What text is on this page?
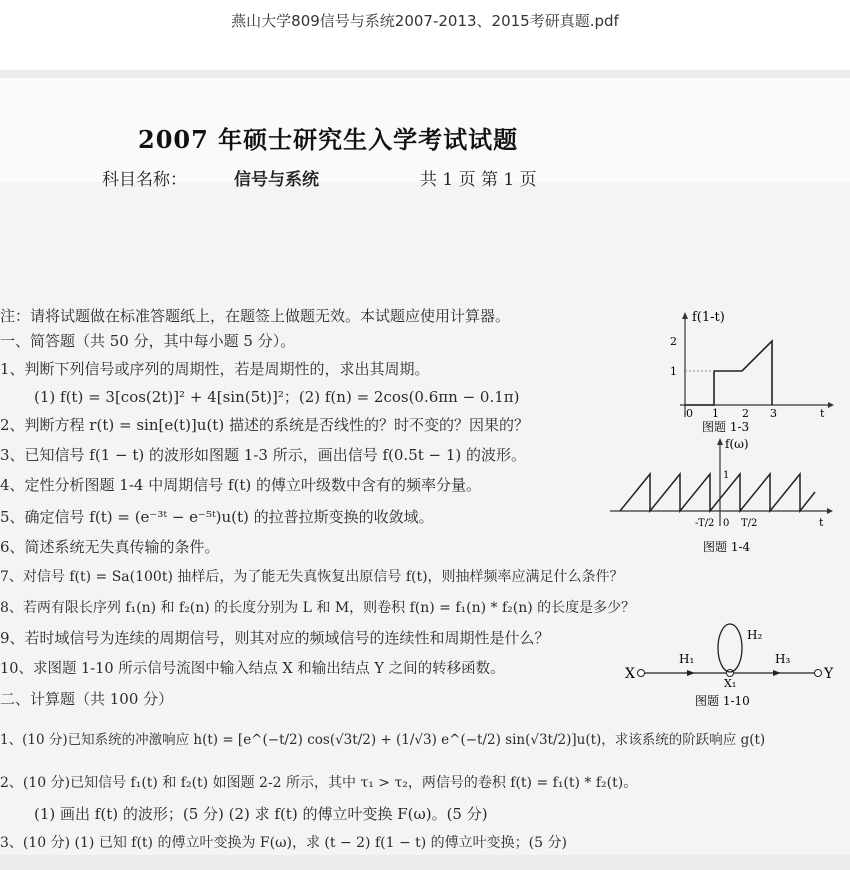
燕山大学809信号与系统2007-2013、2015考研真题.pdf
2007 年硕士研究生入学考试试题
科目名称：	信号与系统	共 1 页 第 1 页
注：请将试题做在标准答题纸上，在题签上做题无效。本试题应使用计算器。
一、简答题（共 50 分，其中每小题 5 分）。
1、判断下列信号或序列的周期性，若是周期性的，求出其周期。
(1) f(t) = 3[cos(2t)]² + 4[sin(5t)]²；(2) f(n) = 2cos(0.6πn − 0.1π)
2、判断方程 r(t) = sin[e(t)]u(t) 描述的系统是否线性的？时不变的？因果的？
3、已知信号 f(1 − t) 的波形如图题 1-3 所示，画出信号 f(0.5t − 1) 的波形。
4、定性分析图题 1-4 中周期信号 f(t) 的傅立叶级数中含有的频率分量。
5、确定信号 f(t) = (e⁻³ᵗ − e⁻⁵ᵗ)u(t) 的拉普拉斯变换的收敛域。
6、简述系统无失真传输的条件。
7、对信号 f(t) = Sa(100t) 抽样后，为了能无失真恢复出原信号 f(t)，则抽样频率应满足什么条件？
8、若两有限长序列 f₁(n) 和 f₂(n) 的长度分别为 L 和 M，则卷积 f(n) = f₁(n) * f₂(n) 的长度是多少？
9、若时域信号为连续的周期信号，则其对应的频域信号的连续性和周期性是什么？
10、求图题 1-10 所示信号流图中输入结点 X 和输出结点 Y 之间的转移函数。
二、计算题（共 100 分）
1、(10 分)已知系统的冲激响应 h(t) = [e^(−t/2) cos(√3t/2) + (1/√3) e^(−t/2) sin(√3t/2)]u(t)，求该系统的阶跃响应 g(t)
2、(10 分)已知信号 f₁(t) 和 f₂(t) 如图题 2-2 所示，其中 τ₁ > τ₂，两信号的卷积 f(t) = f₁(t) * f₂(t)。
(1) 画出 f(t) 的波形；(5 分) (2) 求 f(t) 的傅立叶变换 F(ω)。(5 分)
3、(10 分) (1) 已知 f(t) 的傅立叶变换为 F(ω)，求 (t − 2) f(1 − t) 的傅立叶变换；(5 分)
f(1-t)
1
2
0 1 2 3	t
图题 1-3
f(ω)
1
-T/2 0 T/2	t
图题 1-4
X	Y
H₁
H₂
H₃
X₁
图题 1-10
